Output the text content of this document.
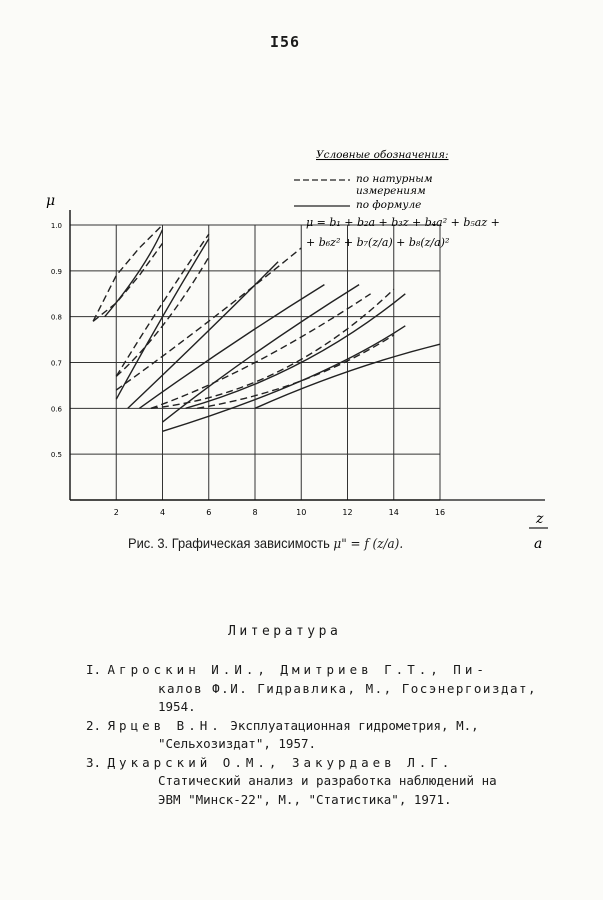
I56
2	4	6	8	10	12	14	16
0.5
0.6
0.7
0.8
0.9
1.0
μ
z
a
Условные обозначения:
по натурным
измерениям
по формуле
μ = b₁ + b₂a + b₃z + b₄a² + b₅az +
+ b₆z² + b₇(z/a) + b₈(z/a)²
Рис. 3. Графическая зависимость μ" = f (z/a).
Литература
I. Агроскин И.И., Дмитриев Г.Т., Пи-
калов Ф.И. Гидравлика, М., Госэнергоиздат,
1954.
2. Ярцев В.Н. Эксплуатационная гидрометрия, М.,
"Сельхозиздат", 1957.
3. Дукарский О.М., Закурдаев Л.Г.
Статический анализ и разработка наблюдений на
ЭВМ "Минск-22", М., "Статистика", 1971.
